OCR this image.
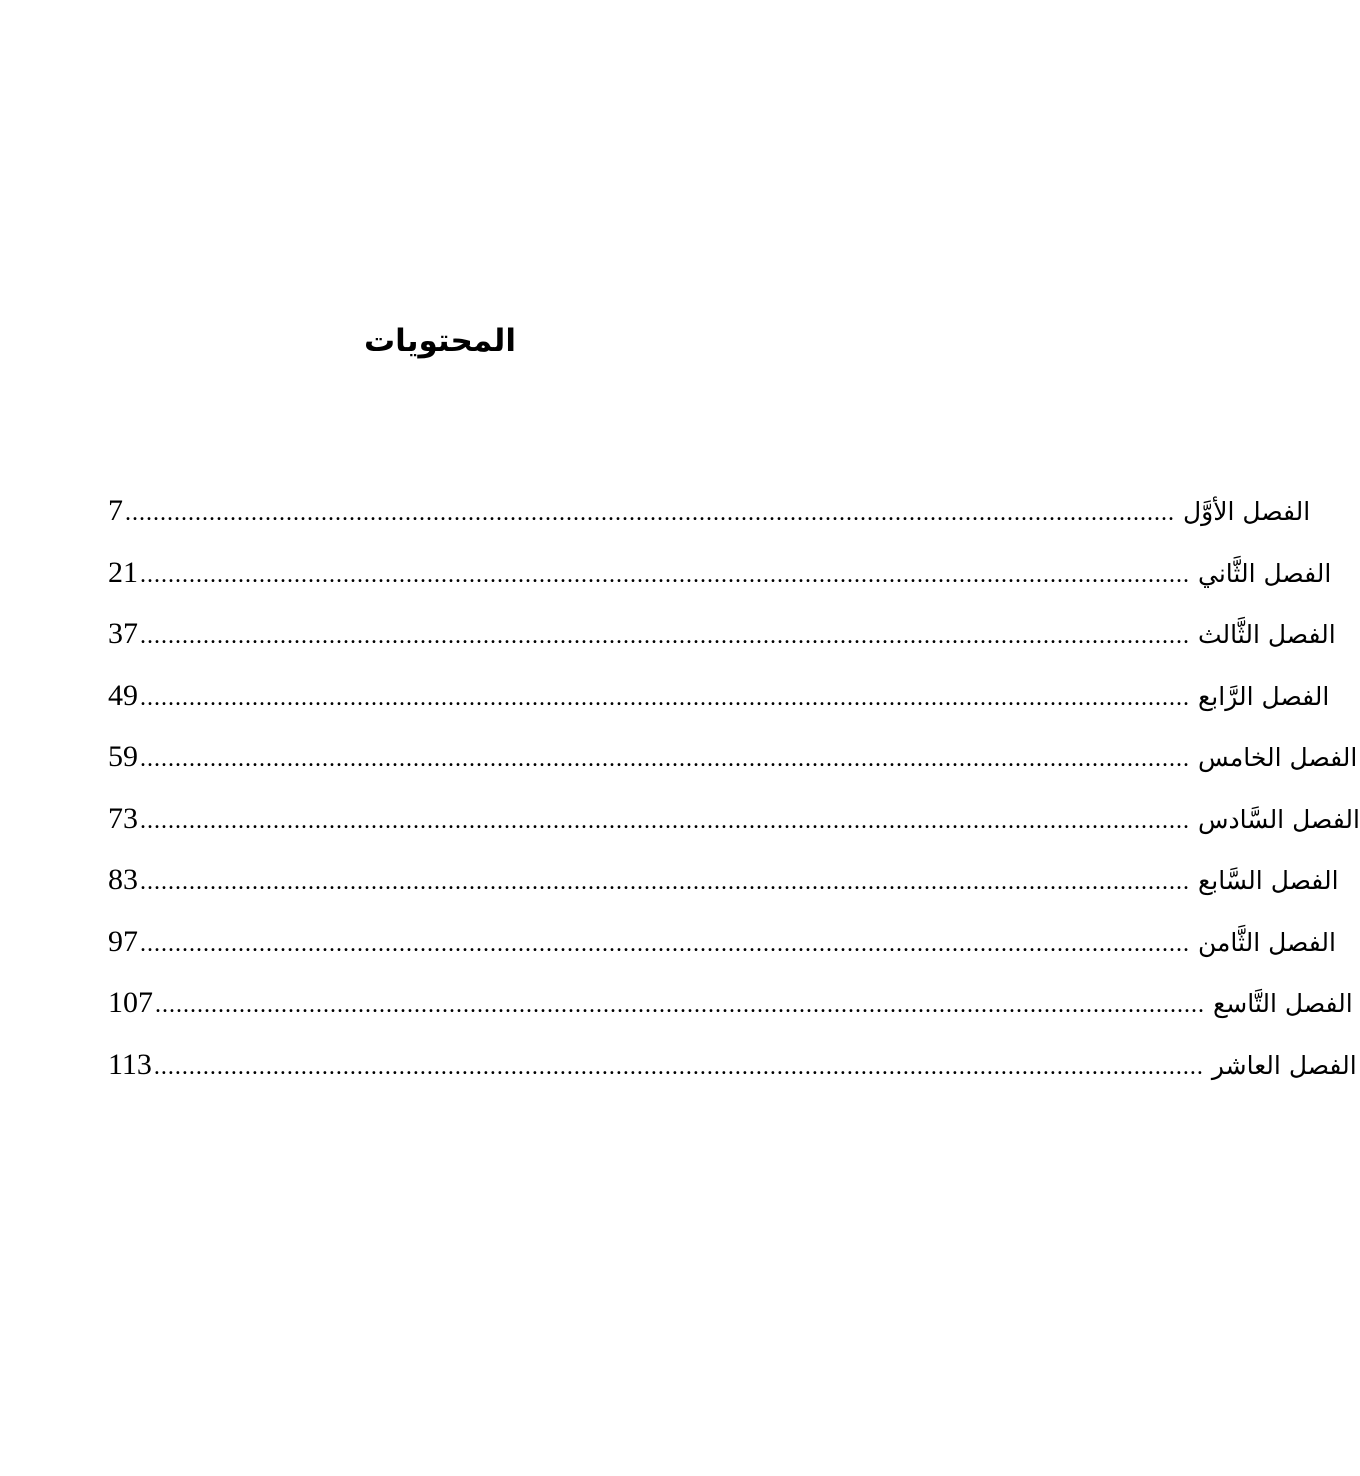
المحتويات
7 ...................................................................................................................................................... الفصل الأوَّل
21 ...................................................................................................................................................... الفصل الثَّاني
37 ...................................................................................................................................................... الفصل الثَّالث
49 ...................................................................................................................................................... الفصل الرَّابع
59 ...................................................................................................................................................... الفصل الخامس
73 ...................................................................................................................................................... الفصل السَّادس
83 ...................................................................................................................................................... الفصل السَّابع
97 ...................................................................................................................................................... الفصل الثَّامن
107 ...................................................................................................................................................... الفصل التَّاسع
113 ...................................................................................................................................................... الفصل العاشر
